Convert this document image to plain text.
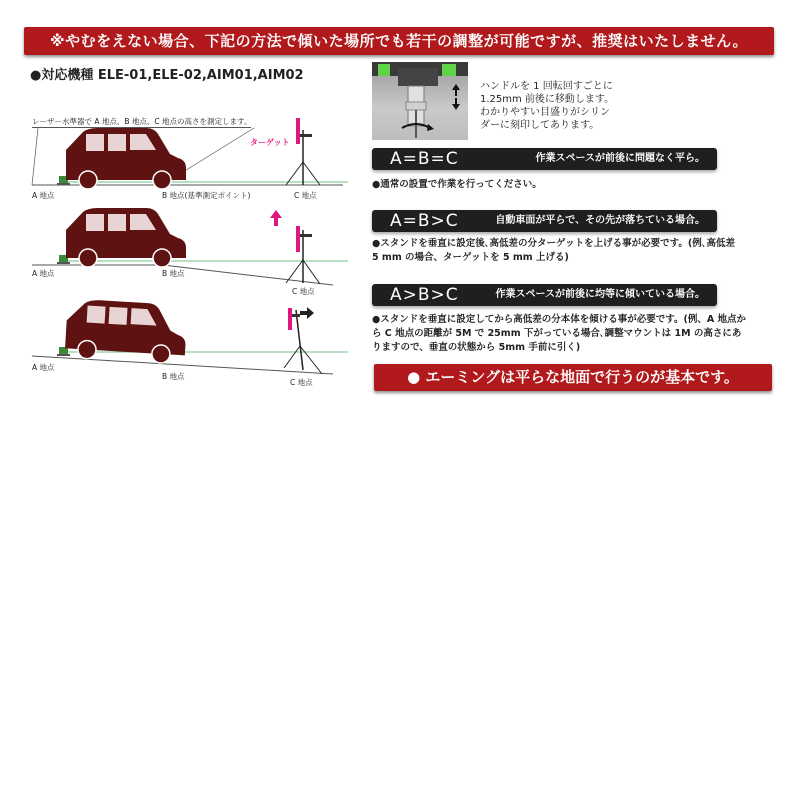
※やむをえない場合、下記の方法で傾いた場所でも若干の調整が可能ですが、推奨はいたしません。
●対応機種 ELE-01,ELE-02,AIM01,AIM02
レーザー水準器で A 地点、B 地点、C 地点の高さを測定します。
ターゲット
A 地点	B 地点(基準測定ポイント)	C 地点
A 地点	B 地点
C 地点
A 地点
B 地点
C 地点
ハンドルを 1 回転回すごとに
1.25mm 前後に移動します。
わかりやすい目盛りがシリン
ダーに刻印してあります。
A=B=C	作業スペースが前後に問題なく平ら。
●通常の設置で作業を行ってください。
A=B>C	自動車面が平らで、その先が落ちている場合。
●スタンドを垂直に設定後､高低差の分ターゲットを上げる事が必要です。(例､高低差
5 mm の場合、ターゲットを 5 mm 上げる)
A>B>C	作業スペースが前後に均等に傾いている場合。
●スタンドを垂直に設定してから高低差の分本体を傾ける事が必要です。(例、A 地点か
ら C 地点の距離が 5M で 25mm 下がっている場合､調整マウントは 1M の高さにあ
りますので、垂直の状態から 5mm 手前に引く)
● エーミングは平らな地面で行うのが基本です。
